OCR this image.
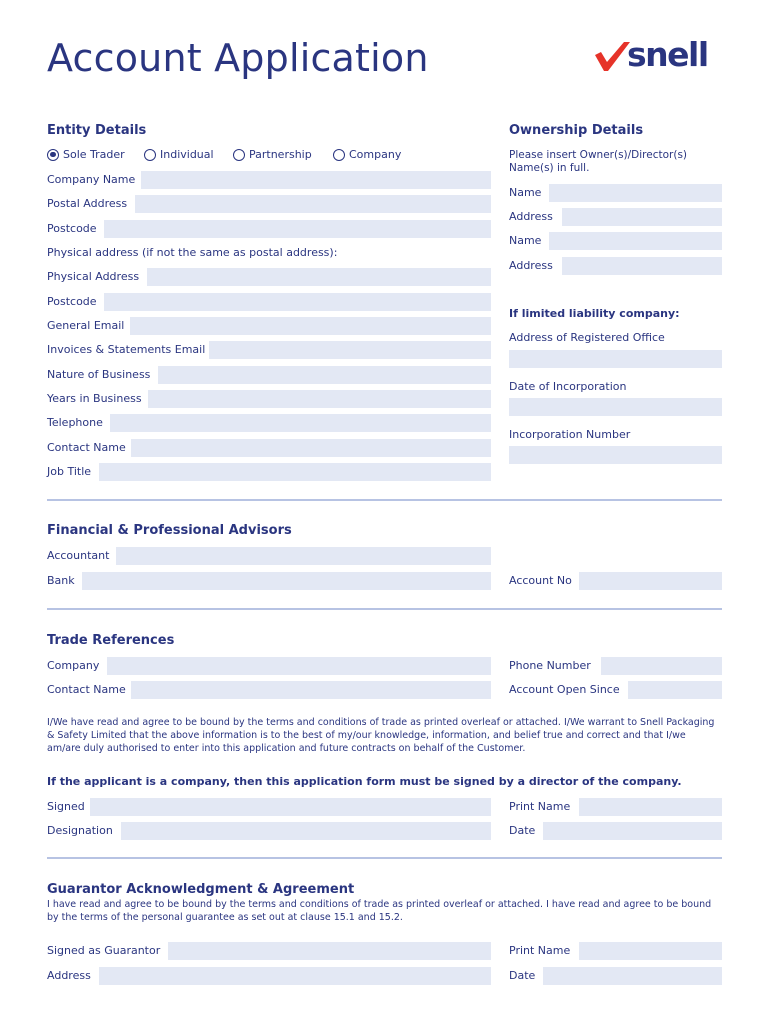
Account Application	snell
Entity Details
Sole Trader	Individual	Partnership	Company
Company Name
Postal Address
Postcode
Physical address (if not the same as postal address):
Physical Address
Postcode
General Email
Invoices & Statements Email
Nature of Business
Years in Business
Telephone
Contact Name
Job Title
Ownership Details
Please insert Owner(s)/Director(s) Name(s) in full.
Name
Address
Name
Address
If limited liability company:
Address of Registered Office
Date of Incorporation
Incorporation Number
Financial & Professional Advisors
Accountant
Bank	Account No
Trade References
Company	Phone Number
Contact Name	Account Open Since
I/We have read and agree to be bound by the terms and conditions of trade as printed overleaf or attached. I/We warrant to Snell Packaging & Safety Limited that the above information is to the best of my/our knowledge, information, and belief true and correct and that I/we am/are duly authorised to enter into this application and future contracts on behalf of the Customer.
If the applicant is a company, then this application form must be signed by a director of the company.
Signed	Print Name
Designation	Date
Guarantor Acknowledgment & Agreement
I have read and agree to be bound by the terms and conditions of trade as printed overleaf or attached. I have read and agree to be bound by the terms of the personal guarantee as set out at clause 15.1 and 15.2.
Signed as Guarantor	Print Name
Address	Date
